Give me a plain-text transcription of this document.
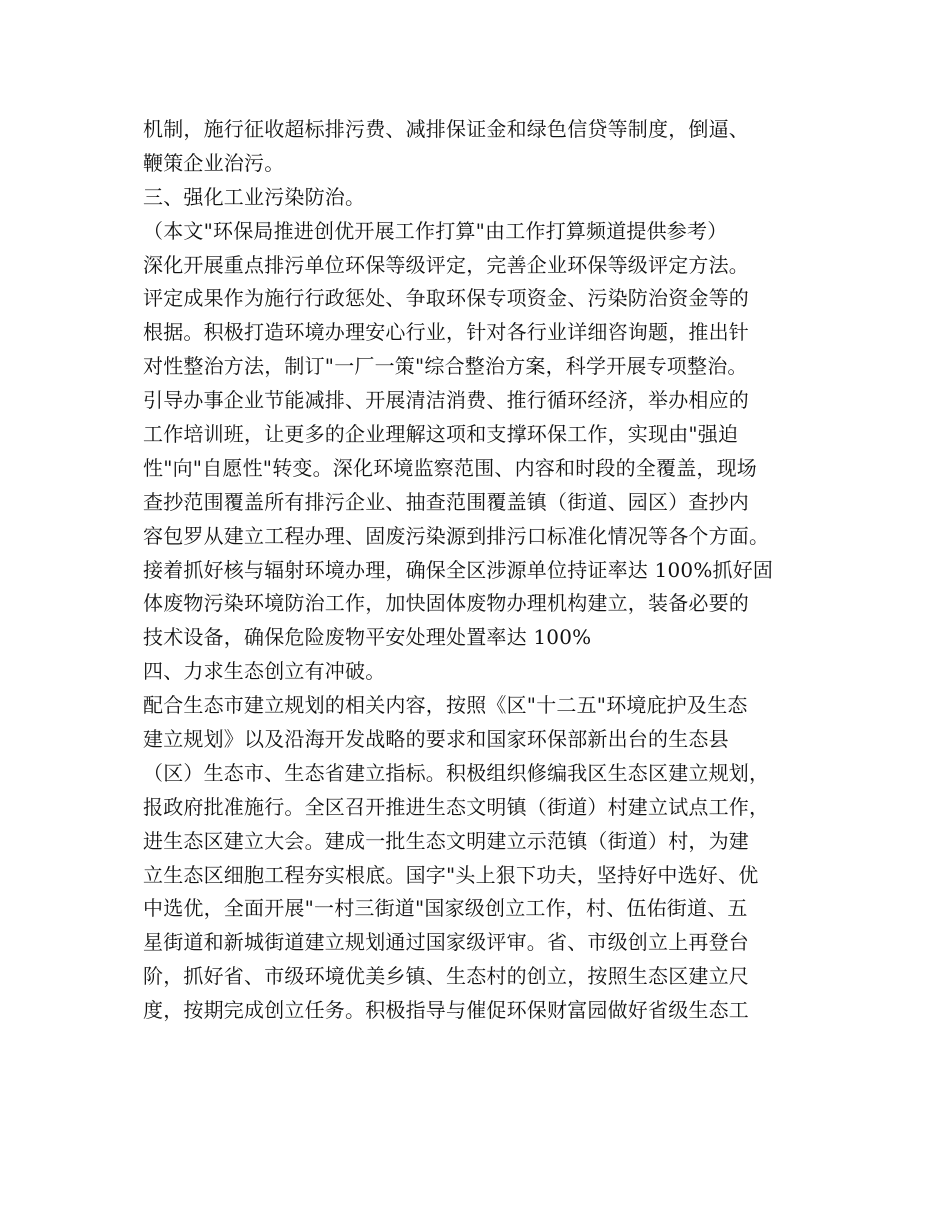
机制，施行征收超标排污费、减排保证金和绿色信贷等制度，倒逼、
鞭策企业治污。
三、强化工业污染防治。
（本文"环保局推进创优开展工作打算"由工作打算频道提供参考）
深化开展重点排污单位环保等级评定，完善企业环保等级评定方法。
评定成果作为施行行政惩处、争取环保专项资金、污染防治资金等的
根据。积极打造环境办理安心行业，针对各行业详细咨询题，推出针
对性整治方法，制订"一厂一策"综合整治方案，科学开展专项整治。
引导办事企业节能减排、开展清洁消费、推行循环经济，举办相应的
工作培训班，让更多的企业理解这项和支撑环保工作，实现由"强迫
性"向"自愿性"转变。深化环境监察范围、内容和时段的全覆盖，现场
查抄范围覆盖所有排污企业、抽查范围覆盖镇（街道、园区）查抄内
容包罗从建立工程办理、固废污染源到排污口标准化情况等各个方面。
接着抓好核与辐射环境办理，确保全区涉源单位持证率达 100%抓好固
体废物污染环境防治工作，加快固体废物办理机构建立，装备必要的
技术设备，确保危险废物平安处理处置率达 100%
四、力求生态创立有冲破。
配合生态市建立规划的相关内容，按照《区"十二五"环境庇护及生态
建立规划》以及沿海开发战略的要求和国家环保部新出台的生态县
（区）生态市、生态省建立指标。积极组织修编我区生态区建立规划，
报政府批准施行。全区召开推进生态文明镇（街道）村建立试点工作，
进生态区建立大会。建成一批生态文明建立示范镇（街道）村，为建
立生态区细胞工程夯实根底。国字"头上狠下功夫，坚持好中选好、优
中选优，全面开展"一村三街道"国家级创立工作，村、伍佑街道、五
星街道和新城街道建立规划通过国家级评审。省、市级创立上再登台
阶，抓好省、市级环境优美乡镇、生态村的创立，按照生态区建立尺
度，按期完成创立任务。积极指导与催促环保财富园做好省级生态工
